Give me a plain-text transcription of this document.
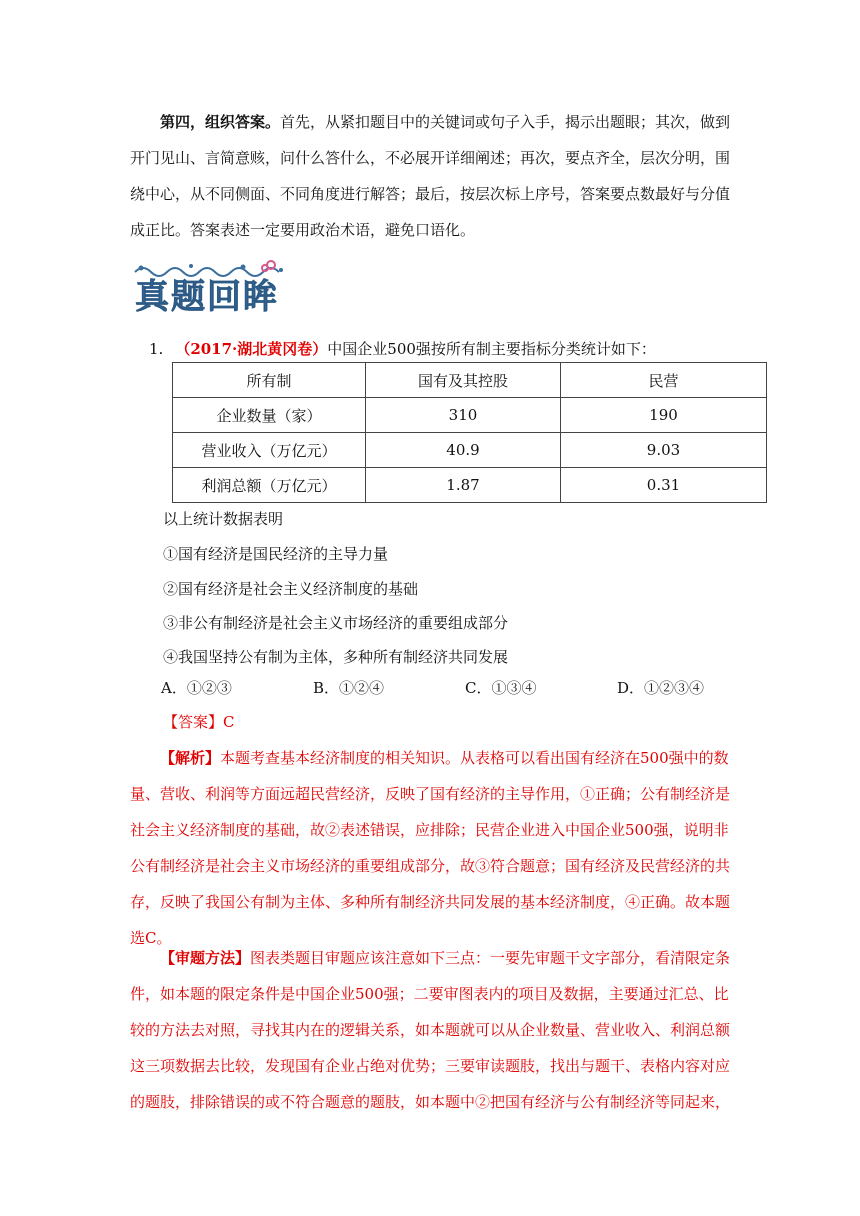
第四，组织答案。首先，从紧扣题目中的关键词或句子入手，揭示出题眼；其次，做到开门见山、言简意赅，问什么答什么，不必展开详细阐述；再次，要点齐全，层次分明，围绕中心，从不同侧面、不同角度进行解答；最后，按层次标上序号，答案要点数最好与分值成正比。答案表述一定要用政治术语，避免口语化。

真题回眸
1. （2017·湖北黄冈卷）中国企业500强按所有制主要指标分类统计如下：
所有制	国有及其控股	民营
企业数量（家）	310	190
营业收入（万亿元）	40.9	9.03
利润总额（万亿元）	1.87	0.31
以上统计数据表明
①国有经济是国民经济的主导力量
②国有经济是社会主义经济制度的基础
③非公有制经济是社会主义市场经济的重要组成部分
④我国坚持公有制为主体，多种所有制经济共同发展
A．①②③	B．①②④	C．①③④	D．①②③④
【答案】C

【解析】本题考查基本经济制度的相关知识。从表格可以看出国有经济在500强中的数量、营收、利润等方面远超民营经济，反映了国有经济的主导作用，①正确；公有制经济是社会主义经济制度的基础，故②表述错误，应排除；民营企业进入中国企业500强，说明非公有制经济是社会主义市场经济的重要组成部分，故③符合题意；国有经济及民营经济的共存，反映了我国公有制为主体、多种所有制经济共同发展的基本经济制度，④正确。故本题选C。

【审题方法】图表类题目审题应该注意如下三点：一要先审题干文字部分，看清限定条件，如本题的限定条件是中国企业500强；二要审图表内的项目及数据，主要通过汇总、比较的方法去对照，寻找其内在的逻辑关系，如本题就可以从企业数量、营业收入、利润总额这三项数据去比较，发现国有企业占绝对优势；三要审读题肢，找出与题干、表格内容对应的题肢，排除错误的或不符合题意的题肢，如本题中②把国有经济与公有制经济等同起来，
